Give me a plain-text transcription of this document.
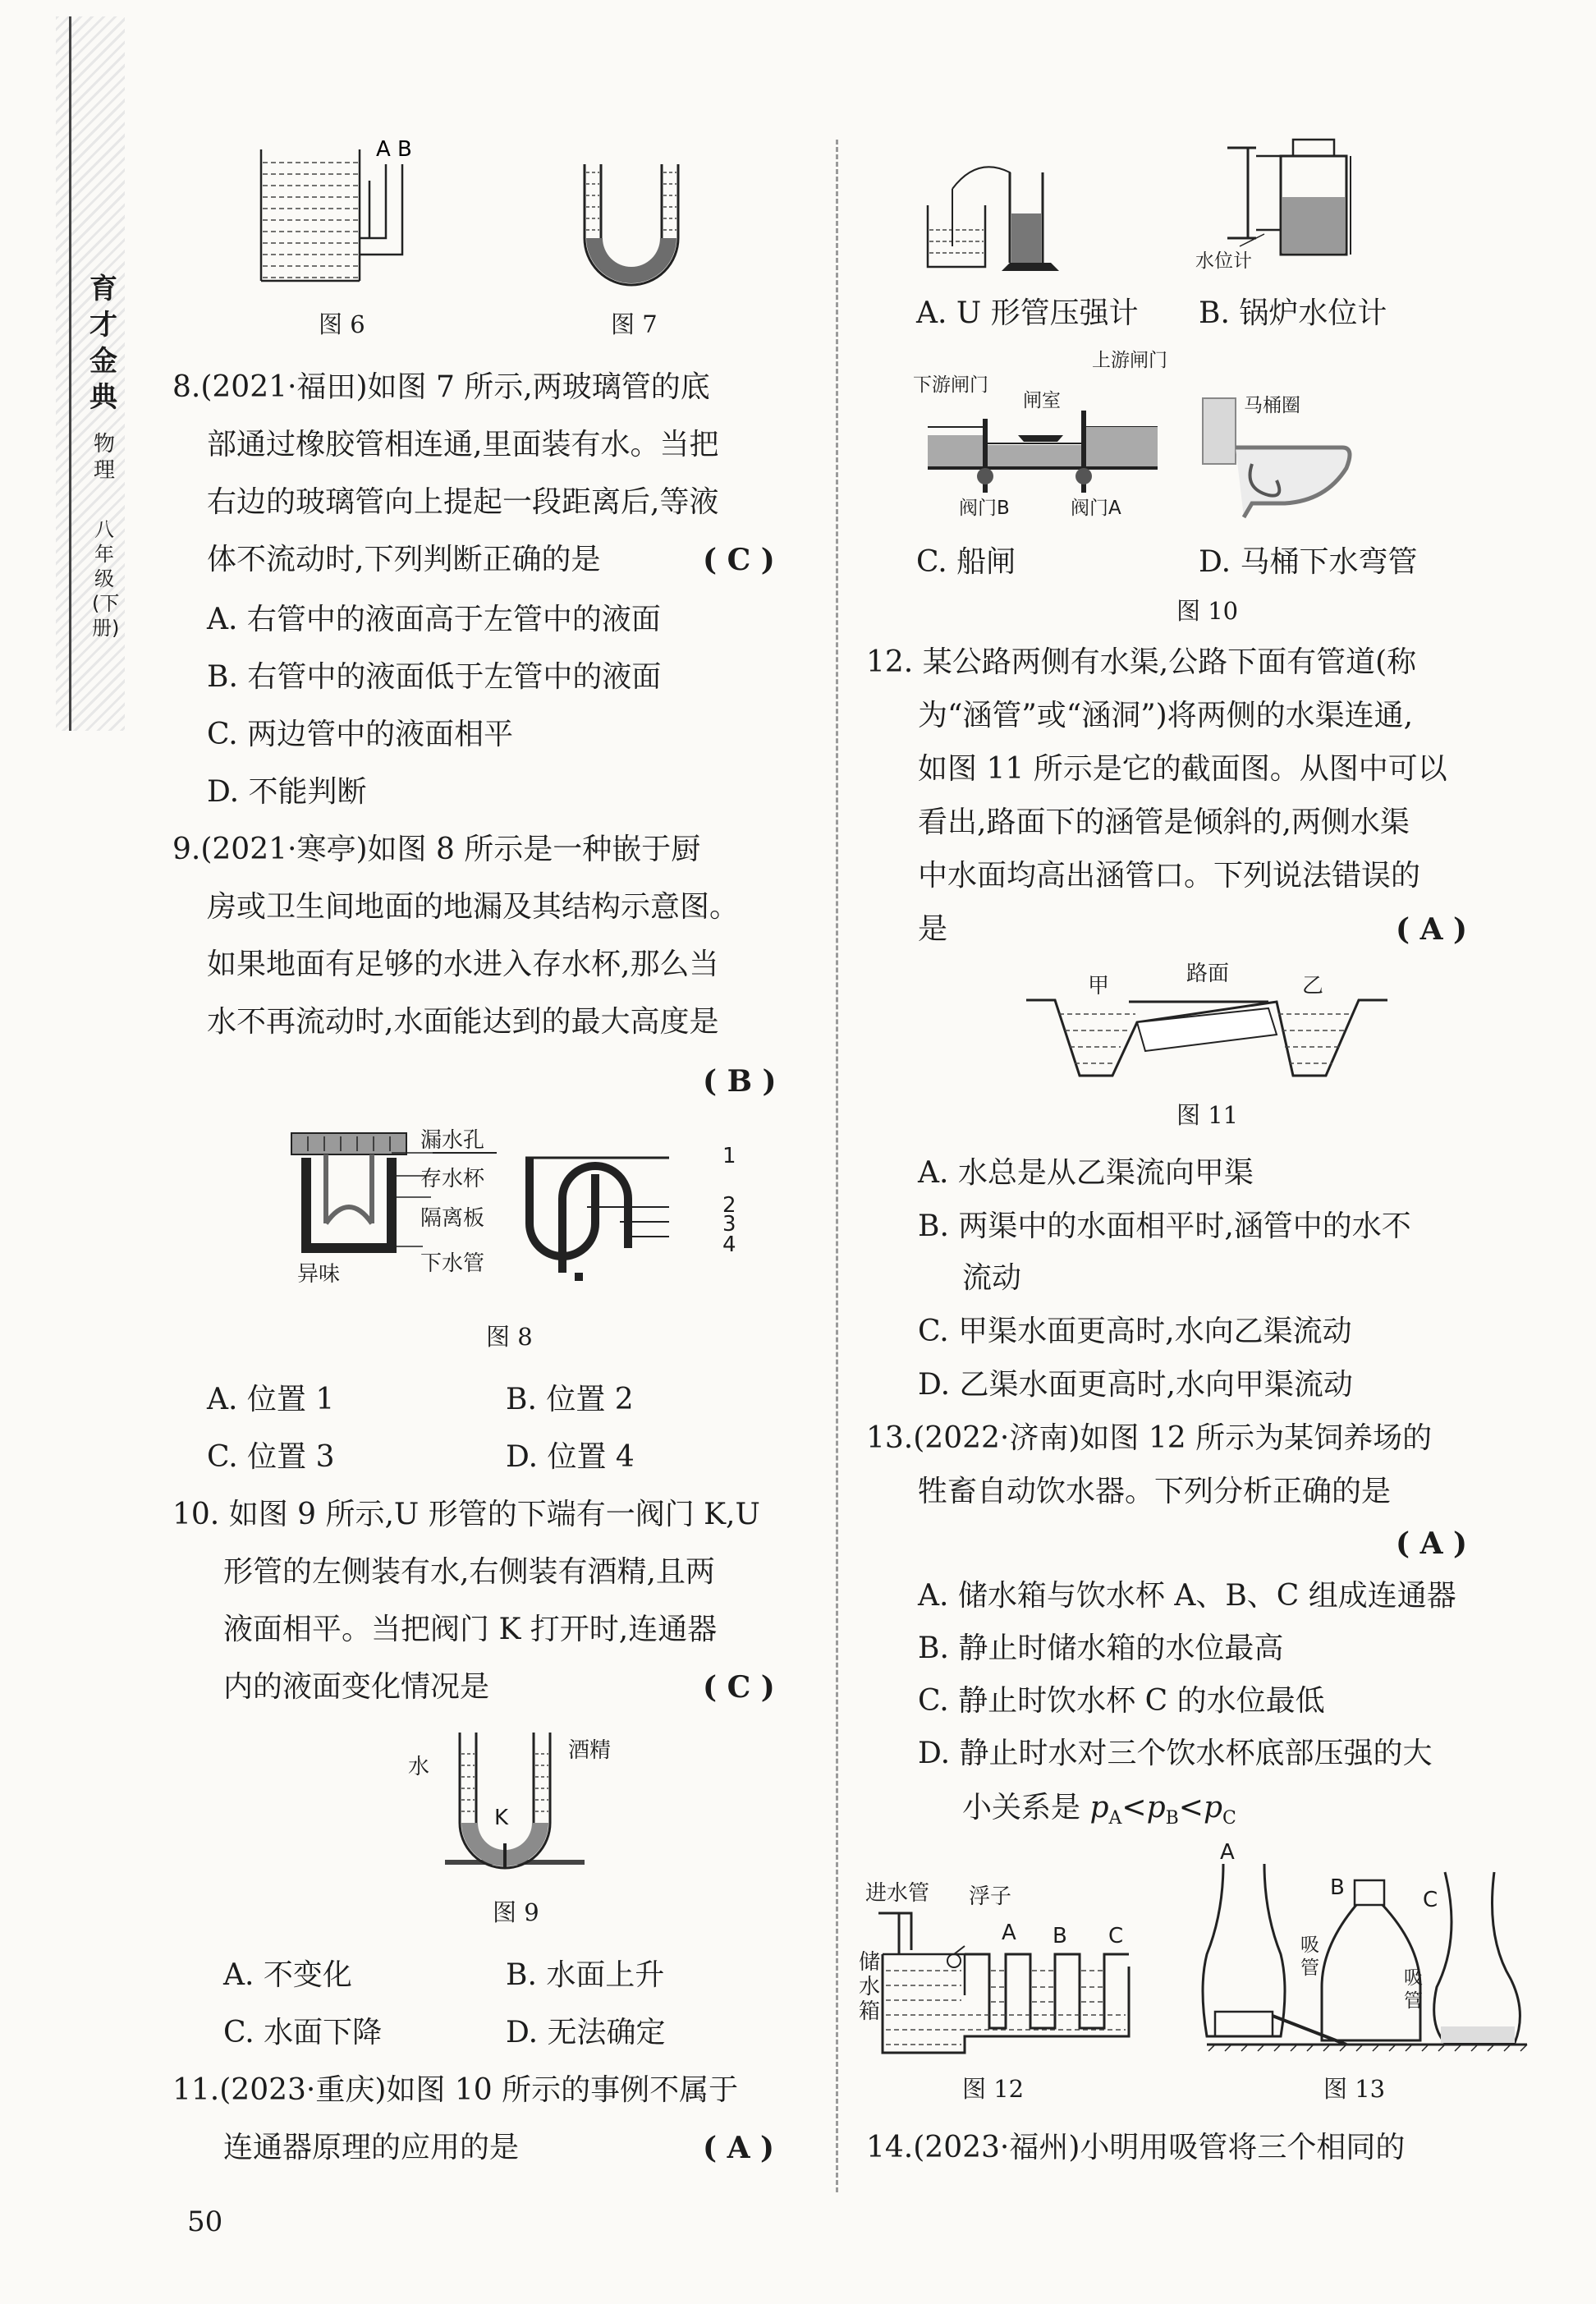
育才金典
物理
八年级(下册)
A B
图 6	图 7
8.(2021·福田)如图 7 所示,两玻璃管的底
部通过橡胶管相连通,里面装有水。当把
右边的玻璃管向上提起一段距离后,等液
体不流动时,下列判断正确的是	( C )
A. 右管中的液面高于左管中的液面
B. 右管中的液面低于左管中的液面
C. 两边管中的液面相平
D. 不能判断
9.(2021·寒亭)如图 8 所示是一种嵌于厨
房或卫生间地面的地漏及其结构示意图。
如果地面有足够的水进入存水杯,那么当
水不再流动时,水面能达到的最大高度是
( B )
漏水孔
存水杯
隔离板
异味	下水管
1
2
3
4
图 8
A. 位置 1	B. 位置 2
C. 位置 3	D. 位置 4
10. 如图 9 所示,U 形管的下端有一阀门 K,U
形管的左侧装有水,右侧装有酒精,且两
液面相平。当把阀门 K 打开时,连通器
内的液面变化情况是	( C )
水
酒精
K
图 9
A. 不变化	B. 水面上升
C. 水面下降	D. 无法确定
11.(2023·重庆)如图 10 所示的事例不属于
连通器原理的应用的是	( A )
50
水位计
A. U 形管压强计 B. 锅炉水位计
下游闸门
闸室
上游闸门
阀门B	阀门A
马桶圈
C. 船闸	D. 马桶下水弯管
图 10
12. 某公路两侧有水渠,公路下面有管道(称
为“涵管”或“涵洞”)将两侧的水渠连通,
如图 11 所示是它的截面图。从图中可以
看出,路面下的涵管是倾斜的,两侧水渠
中水面均高出涵管口。下列说法错误的
是	( A )
甲	路面	乙
图 11
A. 水总是从乙渠流向甲渠
B. 两渠中的水面相平时,涵管中的水不
流动
C. 甲渠水面更高时,水向乙渠流动
D. 乙渠水面更高时,水向甲渠流动
13.(2022·济南)如图 12 所示为某饲养场的
牲畜自动饮水器。下列分析正确的是
( A )
A. 储水箱与饮水杯 A、B、C 组成连通器
B. 静止时储水箱的水位最高
C. 静止时饮水杯 C 的水位最低
D. 静止时水对三个饮水杯底部压强的大
小关系是 $p_A<p_B<p_C$
进水管 浮子
A B C
储水箱
图 12
A
B	C
吸管	吸管
图 13
14.(2023·福州)小明用吸管将三个相同的
